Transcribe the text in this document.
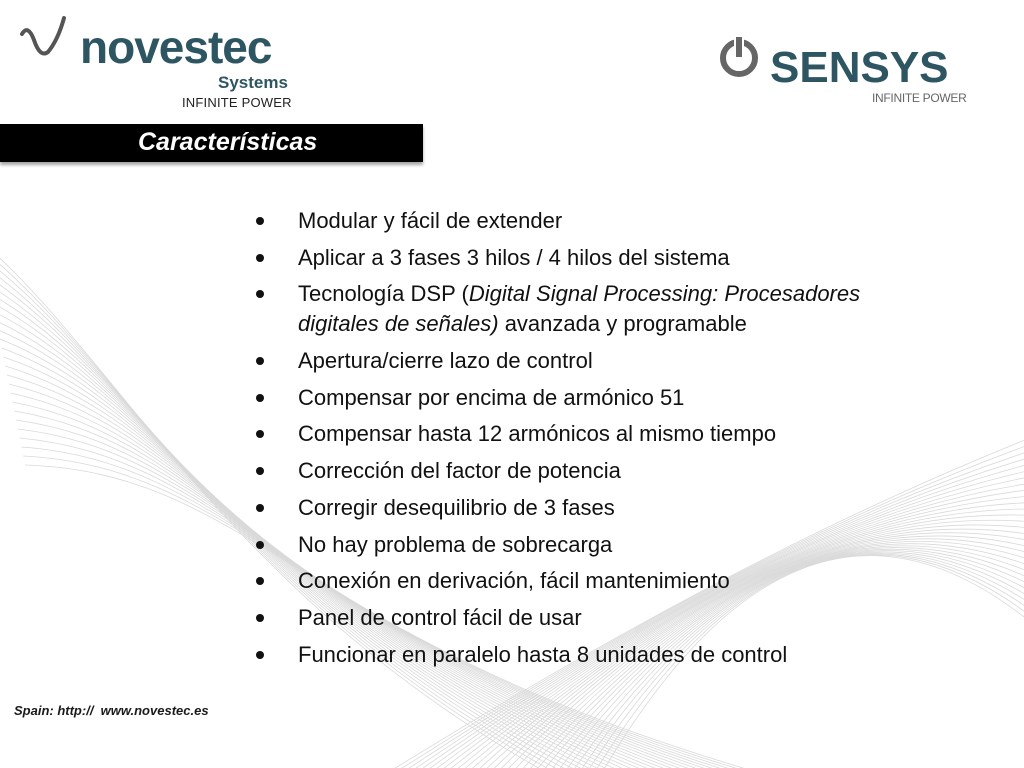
novestec
Systems
INFINITE POWER
SENSYS
INFINITE POWER
Características
Modular y fácil de extender
Aplicar a 3 fases 3 hilos / 4 hilos del sistema
Tecnología DSP (Digital Signal Processing: Procesadores digitales de señales) avanzada y programable
Apertura/cierre lazo de control
Compensar por encima de armónico 51
Compensar hasta 12 armónicos al mismo tiempo
Corrección del factor de potencia
Corregir desequilibrio de 3 fases
No hay problema de sobrecarga
Conexión en derivación, fácil mantenimiento
Panel de control fácil de usar
Funcionar en paralelo hasta 8 unidades de control
Spain: http://  www.novestec.es
